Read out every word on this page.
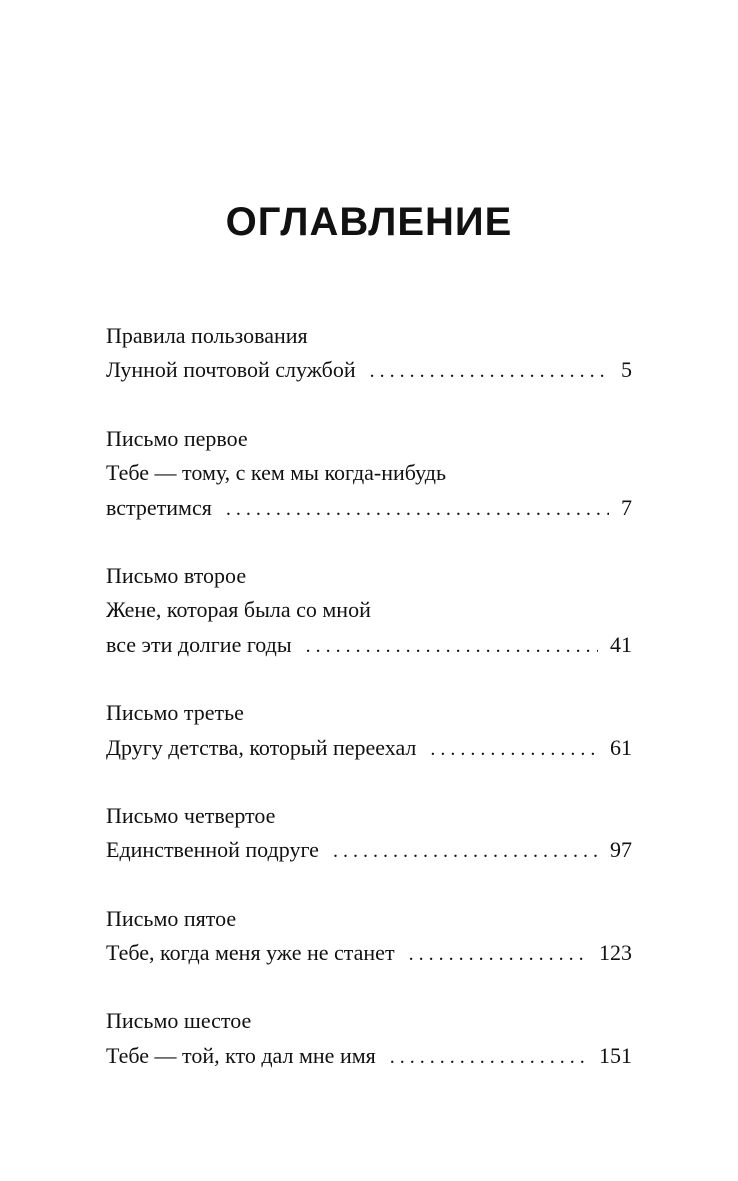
ОГЛАВЛЕНИЕ
Правила пользования
Лунной почтовой службой . . .	5
Письмо первое
Тебе — тому, с кем мы когда-нибудь
встретимся . . .	7
Письмо второе
Жене, которая была со мной
все эти долгие годы . . .	41
Письмо третье
Другу детства, который переехал . . .	61
Письмо четвертое
Единственной подруге . . .	97
Письмо пятое
Тебе, когда меня уже не станет . . .	123
Письмо шестое
Тебе — той, кто дал мне имя . . .	151
